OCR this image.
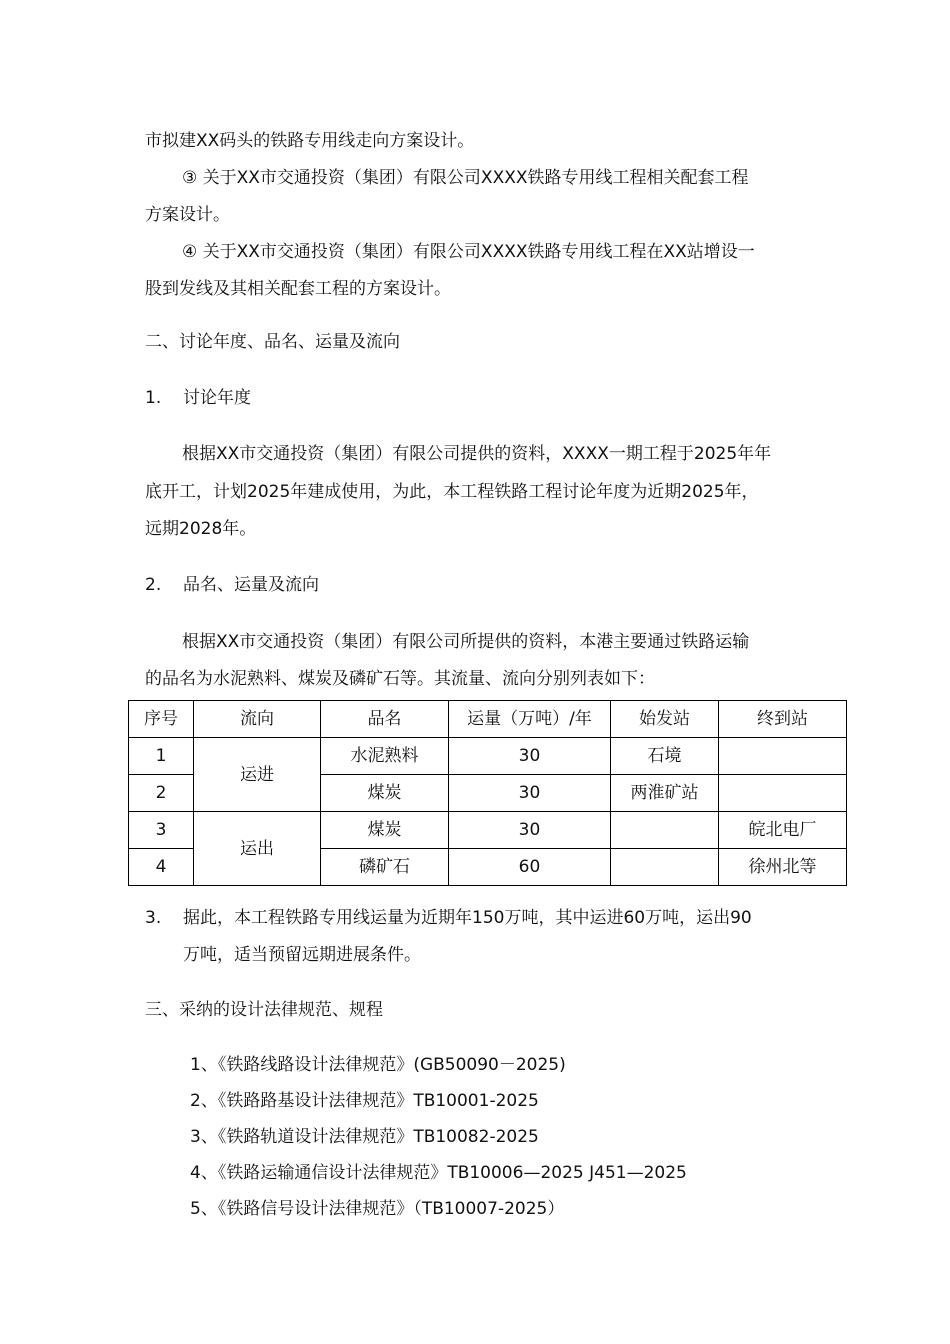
市拟建XX码头的铁路专用线走向方案设计。
③ 关于XX市交通投资（集团）有限公司XXXX铁路专用线工程相关配套工程
方案设计。
④ 关于XX市交通投资（集团）有限公司XXXX铁路专用线工程在XX站增设一
股到发线及其相关配套工程的方案设计。
二、讨论年度、品名、运量及流向
1. 讨论年度
根据XX市交通投资（集团）有限公司提供的资料，XXXX一期工程于2025年年
底开工，计划2025年建成使用，为此，本工程铁路工程讨论年度为近期2025年，
远期2028年。
2. 品名、运量及流向
根据XX市交通投资（集团）有限公司所提供的资料，本港主要通过铁路运输
的品名为水泥熟料、煤炭及磷矿石等。其流量、流向分别列表如下：
序号	流向	品名	运量（万吨）/年	始发站	终到站
1	运进	水泥熟料	30	石境	
2		煤炭	30	两淮矿站	
3	运出	煤炭	30		皖北电厂
4		磷矿石	60		徐州北等
3. 据此，本工程铁路专用线运量为近期年150万吨，其中运进60万吨，运出90
万吨，适当预留远期进展条件。
三、采纳的设计法律规范、规程
1、《铁路线路设计法律规范》(GB50090－2025)
2、《铁路路基设计法律规范》TB10001-2025
3、《铁路轨道设计法律规范》TB10082-2025
4、《铁路运输通信设计法律规范》TB10006—2025 J451—2025
5、《铁路信号设计法律规范》（TB10007-2025）
